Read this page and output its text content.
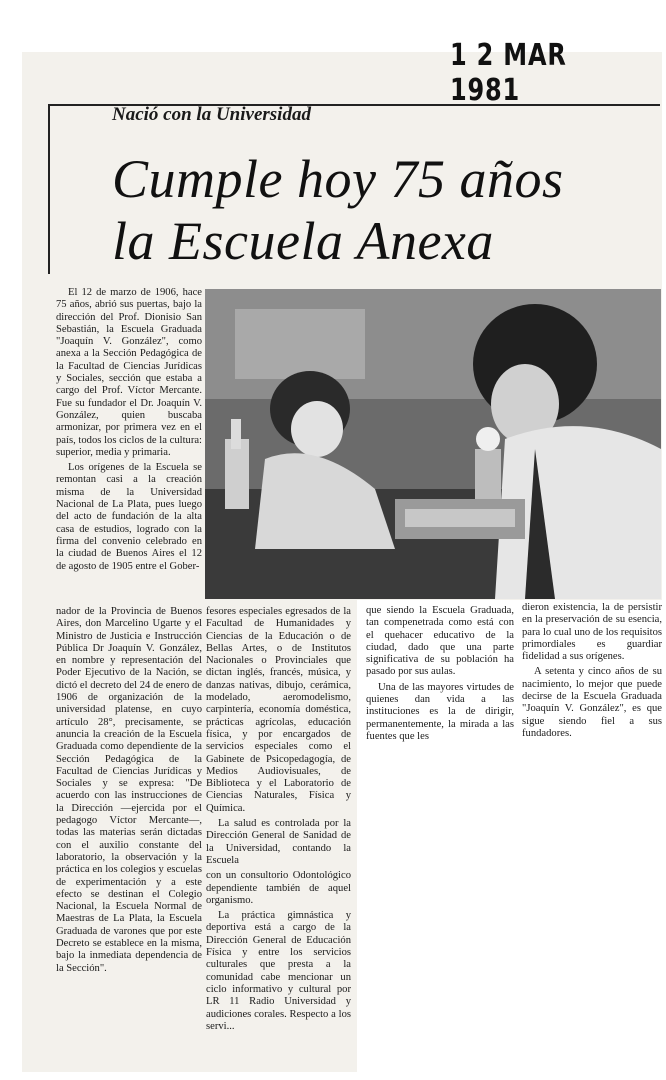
1 2 MAR 1981
Nació con la Universidad
Cumple hoy 75 años
la Escuela Anexa

El 12 de marzo de 1906, hace 75 años, abrió sus puertas, bajo la dirección del Prof. Dionisio San Sebastián, la Escuela Graduada "Joaquín V. González", como anexa a la Sección Pedagógica de la Facultad de Ciencias Jurídicas y Sociales, sección que estaba a cargo del Prof. Víctor Mercante. Fue su fundador el Dr. Joaquín V. González, quien buscaba armonizar, por primera vez en el país, todos los ciclos de la cultura: superior, media y primaria.

Los orígenes de la Escuela se remontan casi a la creación misma de la Universidad Nacional de La Plata, pues luego del acto de fundación de la alta casa de estudios, logrado con la firma del convenio celebrado en la ciudad de Buenos Aires el 12 de agosto de 1905 entre el Gober-

nador de la Provincia de Buenos Aires, don Marcelino Ugarte y el Ministro de Justicia e Instrucción Pública Dr Joaquín V. González, en nombre y representación del Poder Ejecutivo de la Nación, se dictó el decreto del 24 de enero de 1906 de organización de la universidad platense, en cuyo artículo 28°, precisamente, se anuncia la creación de la Escuela Graduada como dependiente de la Sección Pedagógica de la Facultad de Ciencias Jurídicas y Sociales y se expresa: "De acuerdo con las instrucciones de la Dirección —ejercida por el pedagogo Víctor Mercante—, todas las materias serán dictadas con el auxilio constante del laboratorio, la observación y la práctica en los colegios y escuelas de experimentación y a este efecto se destinan el Colegio Nacional, la Escuela Normal de Maestras de La Plata, la Escuela Graduada de varones que por este Decreto se establece en la misma, bajo la inmediata dependencia de la Sección".

fesores especiales egresados de la Facultad de Humanidades y Ciencias de la Educación o de Bellas Artes, o de Institutos Nacionales o Provinciales que dictan inglés, francés, música, y danzas nativas, dibujo, cerámica, modelado, aeromodelismo, carpintería, economía doméstica, prácticas agrícolas, educación física, y por encargados de servicios especiales como el Gabinete de Psicopedagogía, de Medios Audiovisuales, de Biblioteca y el Laboratorio de Ciencias Naturales, Física y Química.

La salud es controlada por la Dirección General de Sanidad de la Universidad, contando la Escuela

con un consultorio Odontológico dependiente también de aquel organismo.

La práctica gimnástica y deportiva está a cargo de la Dirección General de Educación Física y entre los servicios culturales que presta a la comunidad cabe mencionar un ciclo informativo y cultural por LR 11 Radio Universidad y audiciones corales. Respecto a los servi...

que siendo la Escuela Graduada, tan compenetrada como está con el quehacer educativo de la ciudad, dado que una parte significativa de su población ha pasado por sus aulas.

Una de las mayores virtudes de quienes dan vida a las instituciones es la de dirigir, permanentemente, la mirada a las fuentes que les

dieron existencia, la de persistir en la preservación de su esencia, para lo cual uno de los requisitos primordiales es guardiar fidelidad a sus orígenes.

A setenta y cinco años de su nacimiento, lo mejor que puede decirse de la Escuela Graduada "Joaquín V. González", es que sigue siendo fiel a sus fundadores.
